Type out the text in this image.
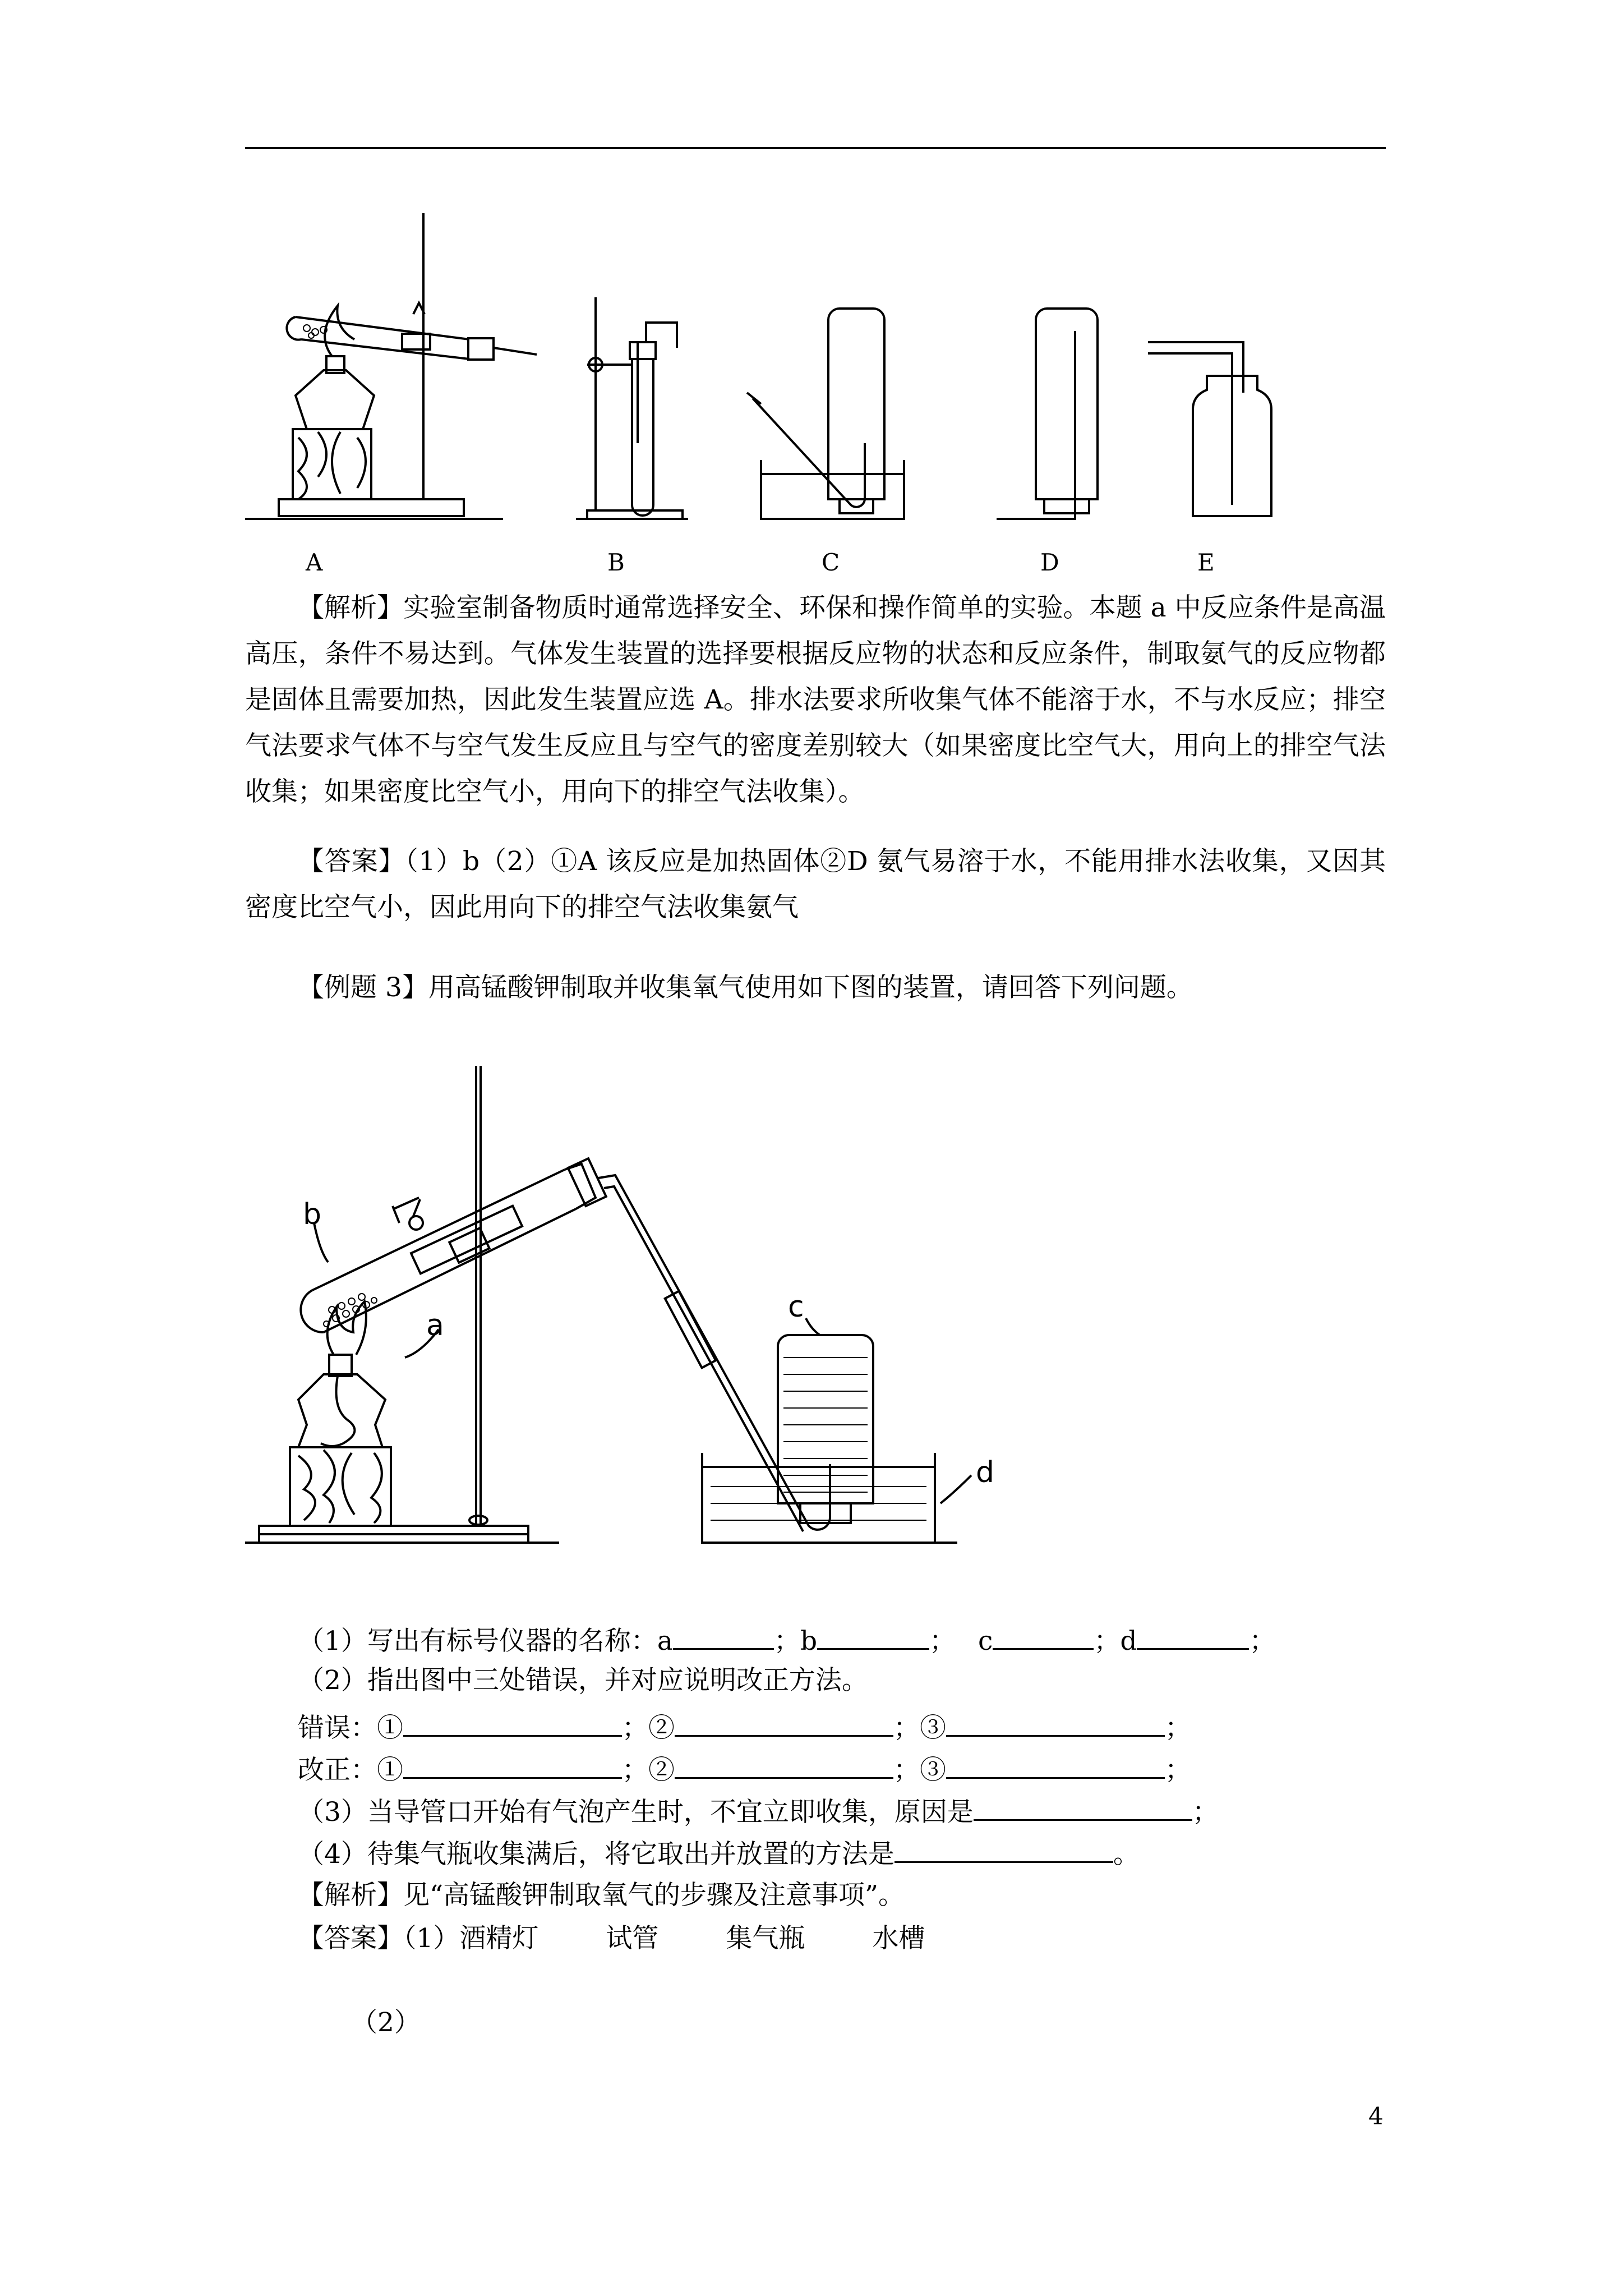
A	B	C	D	E
【解析】实验室制备物质时通常选择安全、环保和操作简单的实验。本题 a 中反应条件是高温高压，条件不易达到。气体发生装置的选择要根据反应物的状态和反应条件，制取氨气的反应物都是固体且需要加热，因此发生装置应选 A。排水法要求所收集气体不能溶于水，不与水反应；排空气法要求气体不与空气发生反应且与空气的密度差别较大（如果密度比空气大，用向上的排空气法收集；如果密度比空气小，用向下的排空气法收集）。
【答案】（1）b（2）①A 该反应是加热固体②D 氨气易溶于水，不能用排水法收集，又因其密度比空气小，因此用向下的排空气法收集氨气
【例题 3】用高锰酸钾制取并收集氧气使用如下图的装置，请回答下列问题。
b
a
c
d
（1）写出有标号仪器的名称：a	；b	； c	；d	；
（2）指出图中三处错误，并对应说明改正方法。
错误：①	；②	；③	；
改正：①	；②	；③	；
（3）当导管口开始有气泡产生时，不宜立即收集，原因是	；
（4）待集气瓶收集满后，将它取出并放置的方法是	。
【解析】见“高锰酸钾制取氧气的步骤及注意事项”。
【答案】（1）酒精灯	试管	集气瓶	水槽
（2）
4
